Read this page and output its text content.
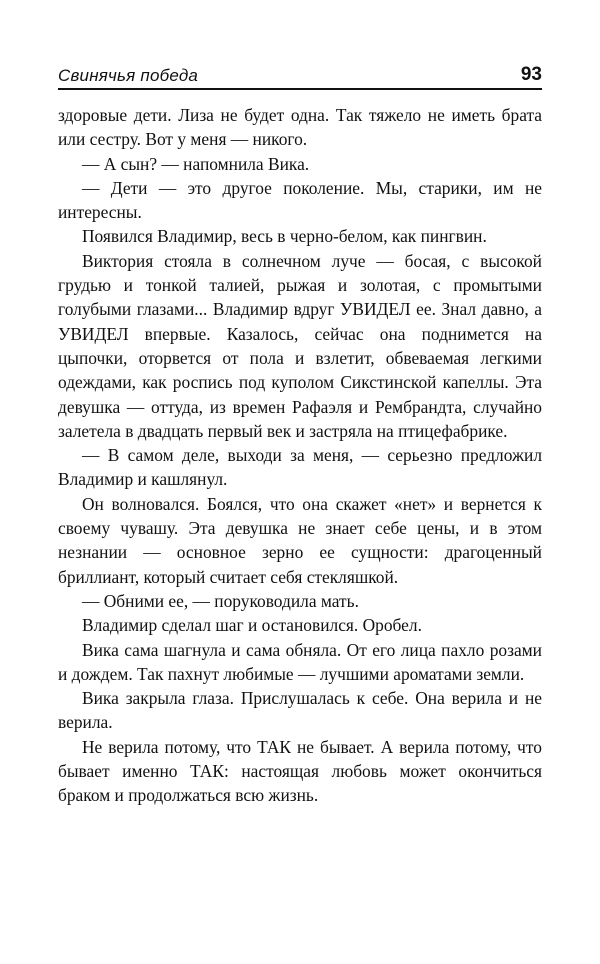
Свинячья победа	93

здоровые дети. Лиза не будет одна. Так тяжело не иметь брата или сестру. Вот у меня — никого.

— А сын? — напомнила Вика.

— Дети — это другое поколение. Мы, старики, им не интересны.

Появился Владимир, весь в черно-белом, как пингвин.

Виктория стояла в солнечном луче — босая, с высокой грудью и тонкой талией, рыжая и золотая, с промытыми голубыми глазами... Владимир вдруг УВИДЕЛ ее. Знал давно, а УВИДЕЛ впервые. Казалось, сейчас она поднимется на цыпочки, оторвется от пола и взлетит, обвеваемая легкими одеждами, как роспись под куполом Сикстинской капеллы. Эта девушка — оттуда, из времен Рафаэля и Рембрандта, случайно залетела в двадцать первый век и застряла на птицефабрике.

— В самом деле, выходи за меня, — серьезно предложил Владимир и кашлянул.

Он волновался. Боялся, что она скажет «нет» и вернется к своему чувашу. Эта девушка не знает себе цены, и в этом незнании — основное зерно ее сущности: драгоценный бриллиант, который считает себя стекляшкой.

— Обними ее, — поруководила мать.

Владимир сделал шаг и остановился. Оробел.

Вика сама шагнула и сама обняла. От его лица пахло розами и дождем. Так пахнут любимые — лучшими ароматами земли.

Вика закрыла глаза. Прислушалась к себе. Она верила и не верила.

Не верила потому, что ТАК не бывает. А верила потому, что бывает именно ТАК: настоящая любовь может окончиться браком и продолжаться всю жизнь.
